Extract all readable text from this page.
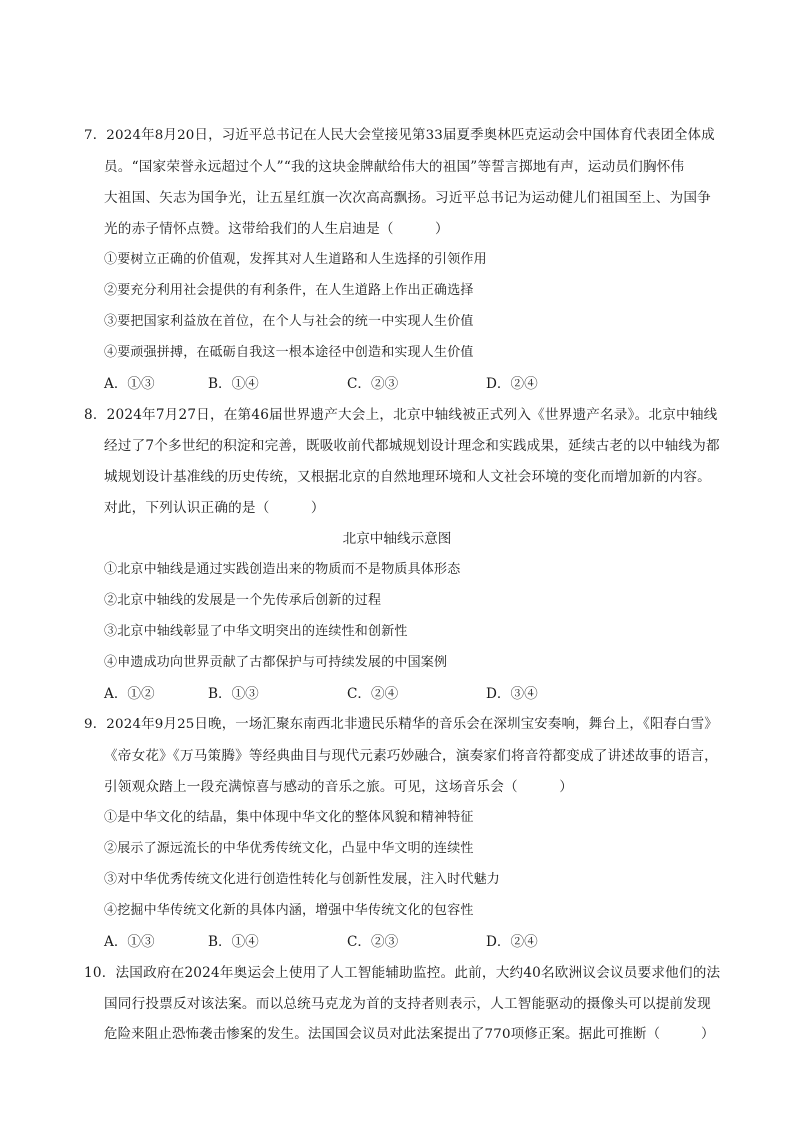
7．2024年8月20日，习近平总书记在人民大会堂接见第33届夏季奥林匹克运动会中国体育代表团全体成
员。“国家荣誉永远超过个人”“我的这块金牌献给伟大的祖国”等誓言掷地有声，运动员们胸怀伟
大祖国、矢志为国争光，让五星红旗一次次高高飘扬。习近平总书记为运动健儿们祖国至上、为国争
光的赤子情怀点赞。这带给我们的人生启迪是（　　　）
①要树立正确的价值观，发挥其对人生道路和人生选择的引领作用
②要充分利用社会提供的有利条件，在人生道路上作出正确选择
③要把国家利益放在首位，在个人与社会的统一中实现人生价值
④要顽强拼搏，在砥砺自我这一根本途径中创造和实现人生价值
A．①③	B．①④	C．②③	D．②④
8．2024年7月27日，在第46届世界遗产大会上，北京中轴线被正式列入《世界遗产名录》。北京中轴线
经过了7个多世纪的积淀和完善，既吸收前代都城规划设计理念和实践成果，延续古老的以中轴线为都
城规划设计基准线的历史传统，又根据北京的自然地理环境和人文社会环境的变化而增加新的内容。
对此，下列认识正确的是（　　　）
北京中轴线示意图
①北京中轴线是通过实践创造出来的物质而不是物质具体形态
②北京中轴线的发展是一个先传承后创新的过程
③北京中轴线彰显了中华文明突出的连续性和创新性
④申遗成功向世界贡献了古都保护与可持续发展的中国案例
A．①②	B．①③	C．②④	D．③④
9．2024年9月25日晚，一场汇聚东南西北非遗民乐精华的音乐会在深圳宝安奏响，舞台上，《阳春白雪》
《帝女花》《万马策腾》等经典曲目与现代元素巧妙融合，演奏家们将音符都变成了讲述故事的语言，
引领观众踏上一段充满惊喜与感动的音乐之旅。可见，这场音乐会（　　　）
①是中华文化的结晶，集中体现中华文化的整体风貌和精神特征
②展示了源远流长的中华优秀传统文化，凸显中华文明的连续性
③对中华优秀传统文化进行创造性转化与创新性发展，注入时代魅力
④挖掘中华传统文化新的具体内涵，增强中华传统文化的包容性
A．①③	B．①④	C．②③	D．②④
10．法国政府在2024年奥运会上使用了人工智能辅助监控。此前，大约40名欧洲议会议员要求他们的法
国同行投票反对该法案。而以总统马克龙为首的支持者则表示，人工智能驱动的摄像头可以提前发现
危险来阻止恐怖袭击惨案的发生。法国国会议员对此法案提出了770项修正案。据此可推断（　　　）
